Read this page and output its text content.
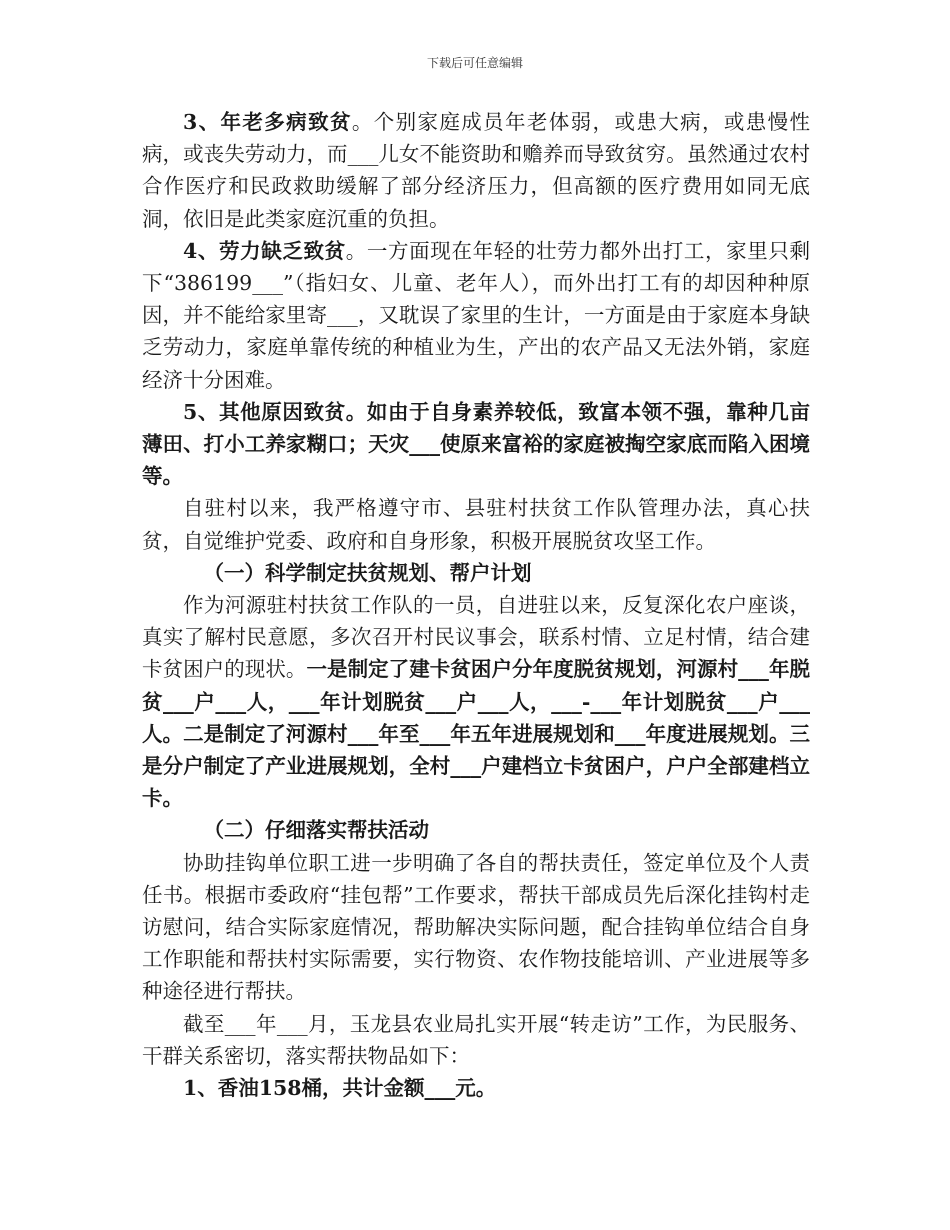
下载后可任意编辑

3、年老多病致贫。个别家庭成员年老体弱，或患大病，或患慢性病，或丧失劳动力，而___儿女不能资助和赡养而导致贫穷。虽然通过农村合作医疗和民政救助缓解了部分经济压力，但高额的医疗费用如同无底洞，依旧是此类家庭沉重的负担。

4、劳力缺乏致贫。一方面现在年轻的壮劳力都外出打工，家里只剩下“386199___”（指妇女、儿童、老年人），而外出打工有的却因种种原因，并不能给家里寄___，又耽误了家里的生计，一方面是由于家庭本身缺乏劳动力，家庭单靠传统的种植业为生，产出的农产品又无法外销，家庭经济十分困难。

5、其他原因致贫。如由于自身素养较低，致富本领不强，靠种几亩薄田、打小工养家糊口；天灾___使原来富裕的家庭被掏空家底而陷入困境等。

自驻村以来，我严格遵守市、县驻村扶贫工作队管理办法，真心扶贫，自觉维护党委、政府和自身形象，积极开展脱贫攻坚工作。

（一）科学制定扶贫规划、帮户计划

作为河源驻村扶贫工作队的一员，自进驻以来，反复深化农户座谈，真实了解村民意愿，多次召开村民议事会，联系村情、立足村情，结合建卡贫困户的现状。一是制定了建卡贫困户分年度脱贫规划，河源村___年脱贫___户___人，___年计划脱贫___户___人，___-___年计划脱贫___户___人。二是制定了河源村___年至___年五年进展规划和___年度进展规划。三是分户制定了产业进展规划，全村___户建档立卡贫困户，户户全部建档立卡。

（二）仔细落实帮扶活动

协助挂钩单位职工进一步明确了各自的帮扶责任，签定单位及个人责任书。根据市委政府“挂包帮”工作要求，帮扶干部成员先后深化挂钩村走访慰问，结合实际家庭情况，帮助解决实际问题，配合挂钩单位结合自身工作职能和帮扶村实际需要，实行物资、农作物技能培训、产业进展等多种途径进行帮扶。

截至___年___月，玉龙县农业局扎实开展“转走访”工作，为民服务、干群关系密切，落实帮扶物品如下：

1、香油158桶，共计金额___元。
